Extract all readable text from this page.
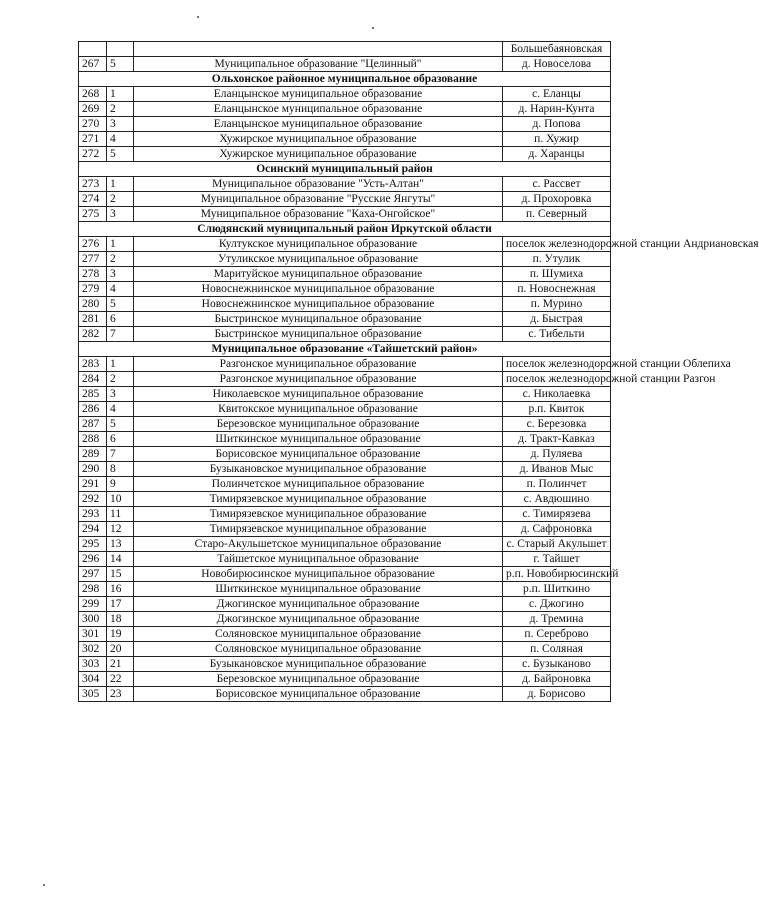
			Большебаяновская
267	5	Муниципальное образование "Целинный"	д. Новоселова
Ольхонское районное муниципальное образование			
268	1	Еланцынское муниципальное образование	с. Еланцы
269	2	Еланцынское муниципальное образование	д. Нарин-Кунта
270	3	Еланцынское муниципальное образование	д. Попова
271	4	Хужирское муниципальное образование	п. Хужир
272	5	Хужирское муниципальное образование	д. Харанцы
Осинский муниципальный район			
273	1	Муниципальное образование "Усть-Алтан"	с. Рассвет
274	2	Муниципальное образование "Русские Янгуты"	д. Прохоровка
275	3	Муниципальное образование "Каха-Онгойское"	п. Северный
Слюдянский муниципальный район Иркутской области			
276	1	Култукское муниципальное образование	поселок железнодорожной станции Андриановская
277	2	Утуликское муниципальное образование	п. Утулик
278	3	Маритуйское муниципальное образование	п. Шумиха
279	4	Новоснежнинское муниципальное образование	п. Новоснежная
280	5	Новоснежнинское муниципальное образование	п. Мурино
281	6	Быстринское муниципальное образование	д. Быстрая
282	7	Быстринское муниципальное образование	с. Тибельти
Муниципальное образование «Тайшетский район»			
283	1	Разгонское муниципальное образование	поселок железнодорожной станции Облепиха
284	2	Разгонское муниципальное образование	поселок железнодорожной станции Разгон
285	3	Николаевское муниципальное образование	с. Николаевка
286	4	Квитокское муниципальное образование	р.п. Квиток
287	5	Березовское муниципальное образование	с. Березовка
288	6	Шиткинское муниципальное образование	д. Тракт-Кавказ
289	7	Борисовское муниципальное образование	д. Пуляева
290	8	Бузыкановское муниципальное образование	д. Иванов Мыс
291	9	Полинчетское муниципальное образование	п. Полинчет
292	10	Тимирязевское муниципальное образование	с. Авдюшино
293	11	Тимирязевское муниципальное образование	с. Тимирязева
294	12	Тимирязевское муниципальное образование	д. Сафроновка
295	13	Старо-Акульшетское муниципальное образование	с. Старый Акульшет
296	14	Тайшетское муниципальное образование	г. Тайшет
297	15	Новобирюсинское муниципальное образование	р.п. Новобирюсинский
298	16	Шиткинское муниципальное образование	р.п. Шиткино
299	17	Джогинское муниципальное образование	с. Джогино
300	18	Джогинское муниципальное образование	д. Тремина
301	19	Соляновское муниципальное образование	п. Сереброво
302	20	Соляновское муниципальное образование	п. Соляная
303	21	Бузыкановское муниципальное образование	с. Бузыканово
304	22	Березовское муниципальное образование	д. Байроновка
305	23	Борисовское муниципальное образование	д. Борисово
